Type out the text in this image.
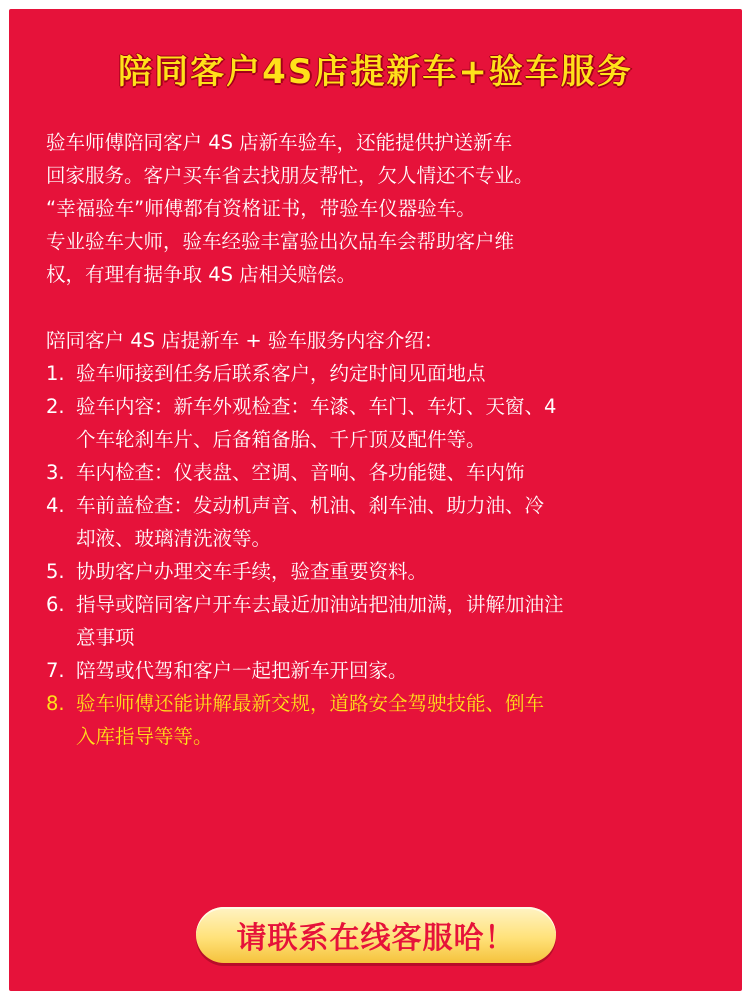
陪同客户4S店提新车+验车服务

验车师傅陪同客户 4S 店新车验车，还能提供护送新车

回家服务。客户买车省去找朋友帮忙，欠人情还不专业。

“幸福验车”师傅都有资格证书，带验车仪器验车。

专业验车大师，验车经验丰富验出次品车会帮助客户维

权，有理有据争取 4S 店相关赔偿。

陪同客户 4S 店提新车 + 验车服务内容介绍：

1. 验车师接到任务后联系客户，约定时间见面地点
2. 验车内容：新车外观检查：车漆、车门、车灯、天窗、4
个车轮刹车片、后备箱备胎、千斤顶及配件等。
3. 车内检查：仪表盘、空调、音响、各功能键、车内饰
4. 车前盖检查：发动机声音、机油、刹车油、助力油、冷
却液、玻璃清洗液等。
5. 协助客户办理交车手续，验查重要资料。
6. 指导或陪同客户开车去最近加油站把油加满，讲解加油注
意事项
7. 陪驾或代驾和客户一起把新车开回家。
8. 验车师傅还能讲解最新交规，道路安全驾驶技能、倒车
入库指导等等。
请联系在线客服哈！
